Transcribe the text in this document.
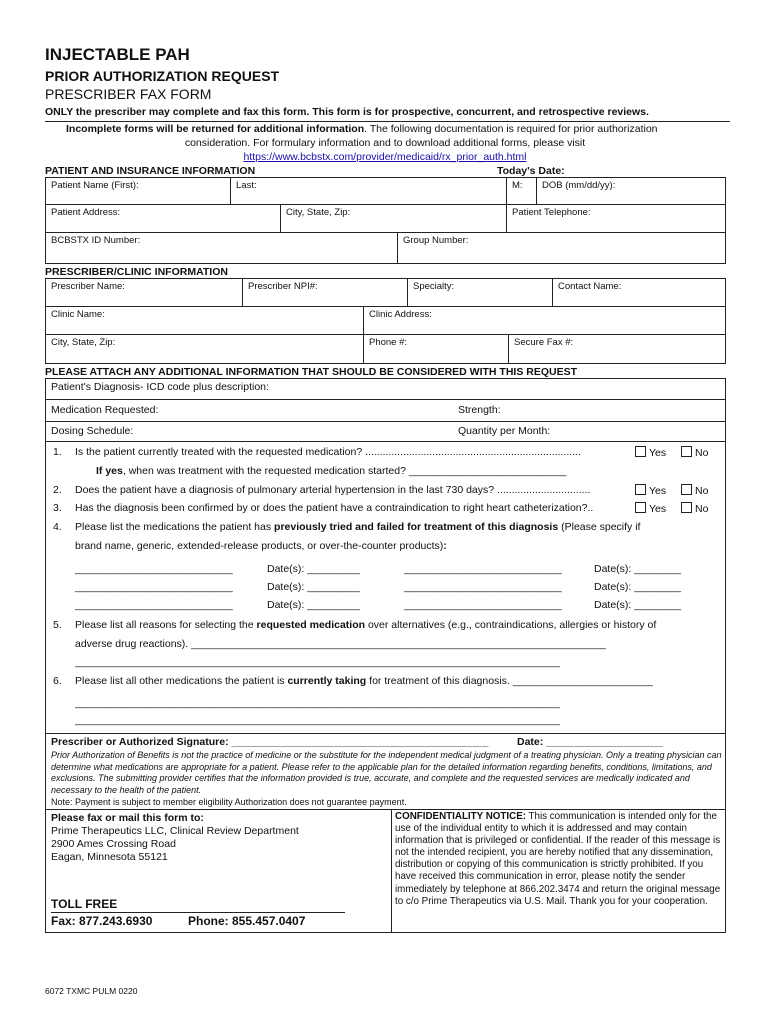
INJECTABLE PAH
PRIOR AUTHORIZATION REQUEST
PRESCRIBER FAX FORM
ONLY the prescriber may complete and fax this form. This form is for prospective, concurrent, and retrospective reviews.
Incomplete forms will be returned for additional information. The following documentation is required for prior authorization
consideration. For formulary information and to download additional forms, please visit
https://www.bcbstx.com/provider/medicaid/rx_prior_auth.html
PATIENT AND INSURANCE INFORMATION	Today's Date:
Patient Name (First):	Last:	M:	DOB (mm/dd/yy):
Patient Address:	City, State, Zip:	Patient Telephone:
BCBSTX ID Number:	Group Number:
PRESCRIBER/CLINIC INFORMATION
Prescriber Name:	Prescriber NPI#:	Specialty:	Contact Name:
Clinic Name:	Clinic Address:
City, State, Zip:	Phone #:	Secure Fax #:
PLEASE ATTACH ANY ADDITIONAL INFORMATION THAT SHOULD BE CONSIDERED WITH THIS REQUEST
Patient's Diagnosis- ICD code plus description:
Medication Requested:	Strength:
Dosing Schedule:	Quantity per Month:
1. Is the patient currently treated with the requested medication? ..........................................................................	Yes	No
If yes, when was treatment with the requested medication started? ___________________________
2. Does the patient have a diagnosis of pulmonary arterial hypertension in the last 730 days? ................................	Yes	No
3. Has the diagnosis been confirmed by or does the patient have a contraindication to right heart catheterization?..	Yes	No
4. Please list the medications the patient has previously tried and failed for treatment of this diagnosis (Please specify if
brand name, generic, extended-release products, or over-the-counter products):
___________________________	Date(s): _________	___________________________	Date(s): ________
___________________________	Date(s): _________	___________________________	Date(s): ________
___________________________	Date(s): _________	___________________________	Date(s): ________
5. Please list all reasons for selecting the requested medication over alternatives (e.g., contraindications, allergies or history of
adverse drug reactions). _______________________________________________________________________
___________________________________________________________________________________
6. Please list all other medications the patient is currently taking for treatment of this diagnosis. ________________________
___________________________________________________________________________________
___________________________________________________________________________________
Prescriber or Authorized Signature: ____________________________________________	Date: ____________________
Prior Authorization of Benefits is not the practice of medicine or the substitute for the independent medical judgment of a treating physician. Only a treating physician can determine what medications are appropriate for a patient. Please refer to the applicable plan for the detailed information regarding benefits, conditions, limitations, and exclusions. The submitting provider certifies that the information provided is true, accurate, and complete and the requested services are medically indicated and necessary to the health of the patient.
Note: Payment is subject to member eligibility Authorization does not guarantee payment.
Please fax or mail this form to:
Prime Therapeutics LLC, Clinical Review Department
2900 Ames Crossing Road
Eagan, Minnesota 55121
TOLL FREE
Fax: 877.243.6930	Phone: 855.457.0407
CONFIDENTIALITY NOTICE: This communication is intended only for the use of the individual entity to which it is addressed and may contain information that is privileged or confidential. If the reader of this message is not the intended recipient, you are hereby notified that any dissemination, distribution or copying of this communication is strictly prohibited. If you have received this communication in error, please notify the sender immediately by telephone at 866.202.3474 and return the original message to c/o Prime Therapeutics via U.S. Mail. Thank you for your cooperation.
6072 TXMC PULM 0220
